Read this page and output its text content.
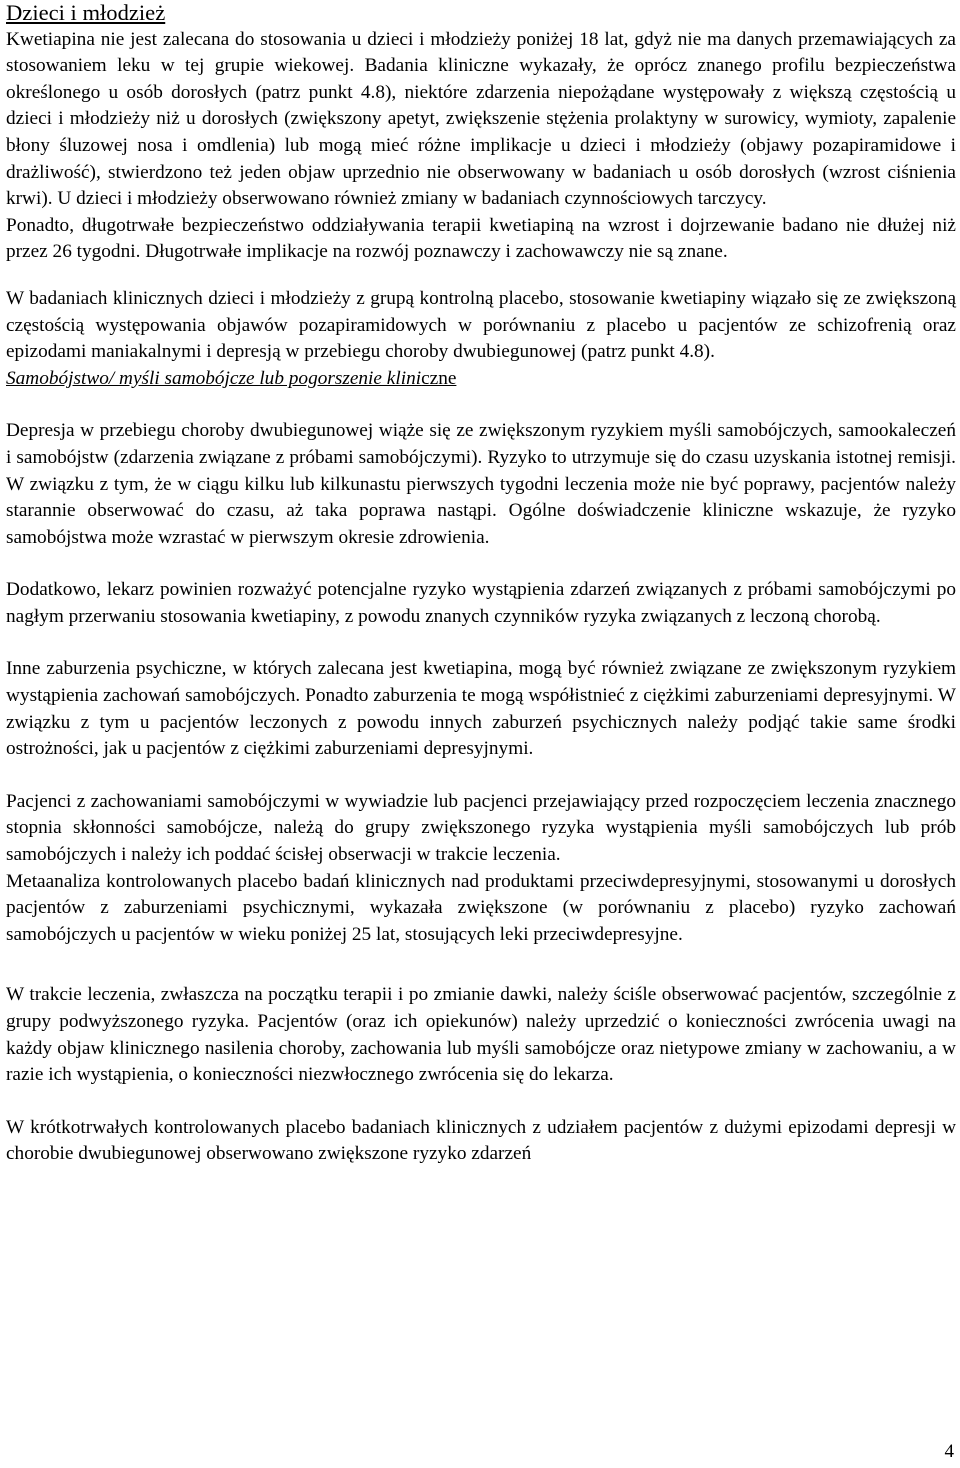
Dzieci i młodzież

Kwetiapina nie jest zalecana do stosowania u dzieci i młodzieży poniżej 18 lat, gdyż nie ma danych przemawiających za stosowaniem leku w tej grupie wiekowej. Badania kliniczne wykazały, że oprócz znanego profilu bezpieczeństwa określonego u osób dorosłych (patrz punkt 4.8), niektóre zdarzenia niepożądane występowały z większą częstością u dzieci i młodzieży niż u dorosłych (zwiększony apetyt, zwiększenie stężenia prolaktyny w surowicy, wymioty, zapalenie błony śluzowej nosa i omdlenia) lub mogą mieć różne implikacje u dzieci i młodzieży (objawy pozapiramidowe i drażliwość), stwierdzono też jeden objaw uprzednio nie obserwowany w badaniach u osób dorosłych (wzrost ciśnienia krwi). U dzieci i młodzieży obserwowano również zmiany w badaniach czynnościowych tarczycy.

Ponadto, długotrwałe bezpieczeństwo oddziaływania terapii kwetiapiną na wzrost i dojrzewanie badano nie dłużej niż przez 26 tygodni. Długotrwałe implikacje na rozwój poznawczy i zachowawczy nie są znane.

W badaniach klinicznych dzieci i młodzieży z grupą kontrolną placebo, stosowanie kwetiapiny wiązało się ze zwiększoną częstością występowania objawów pozapiramidowych w porównaniu z placebo u pacjentów ze schizofrenią oraz epizodami maniakalnymi i depresją w przebiegu choroby dwubiegunowej (patrz punkt 4.8).

Samobójstwo/ myśli samobójcze lub pogorszenie kliniczne

Depresja w przebiegu choroby dwubiegunowej wiąże się ze zwiększonym ryzykiem myśli samobójczych, samookaleczeń i samobójstw (zdarzenia związane z próbami samobójczymi). Ryzyko to utrzymuje się do czasu uzyskania istotnej remisji. W związku z tym, że w ciągu kilku lub kilkunastu pierwszych tygodni leczenia może nie być poprawy, pacjentów należy starannie obserwować do czasu, aż taka poprawa nastąpi. Ogólne doświadczenie kliniczne wskazuje, że ryzyko samobójstwa może wzrastać w pierwszym okresie zdrowienia.

Dodatkowo, lekarz powinien rozważyć potencjalne ryzyko wystąpienia zdarzeń związanych z próbami samobójczymi po nagłym przerwaniu stosowania kwetiapiny, z powodu znanych czynników ryzyka związanych z leczoną chorobą.

Inne zaburzenia psychiczne, w których zalecana jest kwetiapina, mogą być również związane ze zwiększonym ryzykiem wystąpienia zachowań samobójczych. Ponadto zaburzenia te mogą współistnieć z ciężkimi zaburzeniami depresyjnymi. W związku z tym u pacjentów leczonych z powodu innych zaburzeń psychicznych należy podjąć takie same środki ostrożności, jak u pacjentów z ciężkimi zaburzeniami depresyjnymi.

Pacjenci z zachowaniami samobójczymi w wywiadzie lub pacjenci przejawiający przed rozpoczęciem leczenia znacznego stopnia skłonności samobójcze, należą do grupy zwiększonego ryzyka wystąpienia myśli samobójczych lub prób samobójczych i należy ich poddać ścisłej obserwacji w trakcie leczenia.

Metaanaliza kontrolowanych placebo badań klinicznych nad produktami przeciwdepresyjnymi, stosowanymi u dorosłych pacjentów z zaburzeniami psychicznymi, wykazała zwiększone (w porównaniu z placebo) ryzyko zachowań samobójczych u pacjentów w wieku poniżej 25 lat, stosujących leki przeciwdepresyjne.

W trakcie leczenia, zwłaszcza na początku terapii i po zmianie dawki, należy ściśle obserwować pacjentów, szczególnie z grupy podwyższonego ryzyka. Pacjentów (oraz ich opiekunów) należy uprzedzić o konieczności zwrócenia uwagi na każdy objaw klinicznego nasilenia choroby, zachowania lub myśli samobójcze oraz nietypowe zmiany w zachowaniu, a w razie ich wystąpienia, o konieczności niezwłocznego zwrócenia się do lekarza.

W krótkotrwałych kontrolowanych placebo badaniach klinicznych z udziałem pacjentów z dużymi epizodami depresji w chorobie dwubiegunowej obserwowano zwiększone ryzyko zdarzeń

4
